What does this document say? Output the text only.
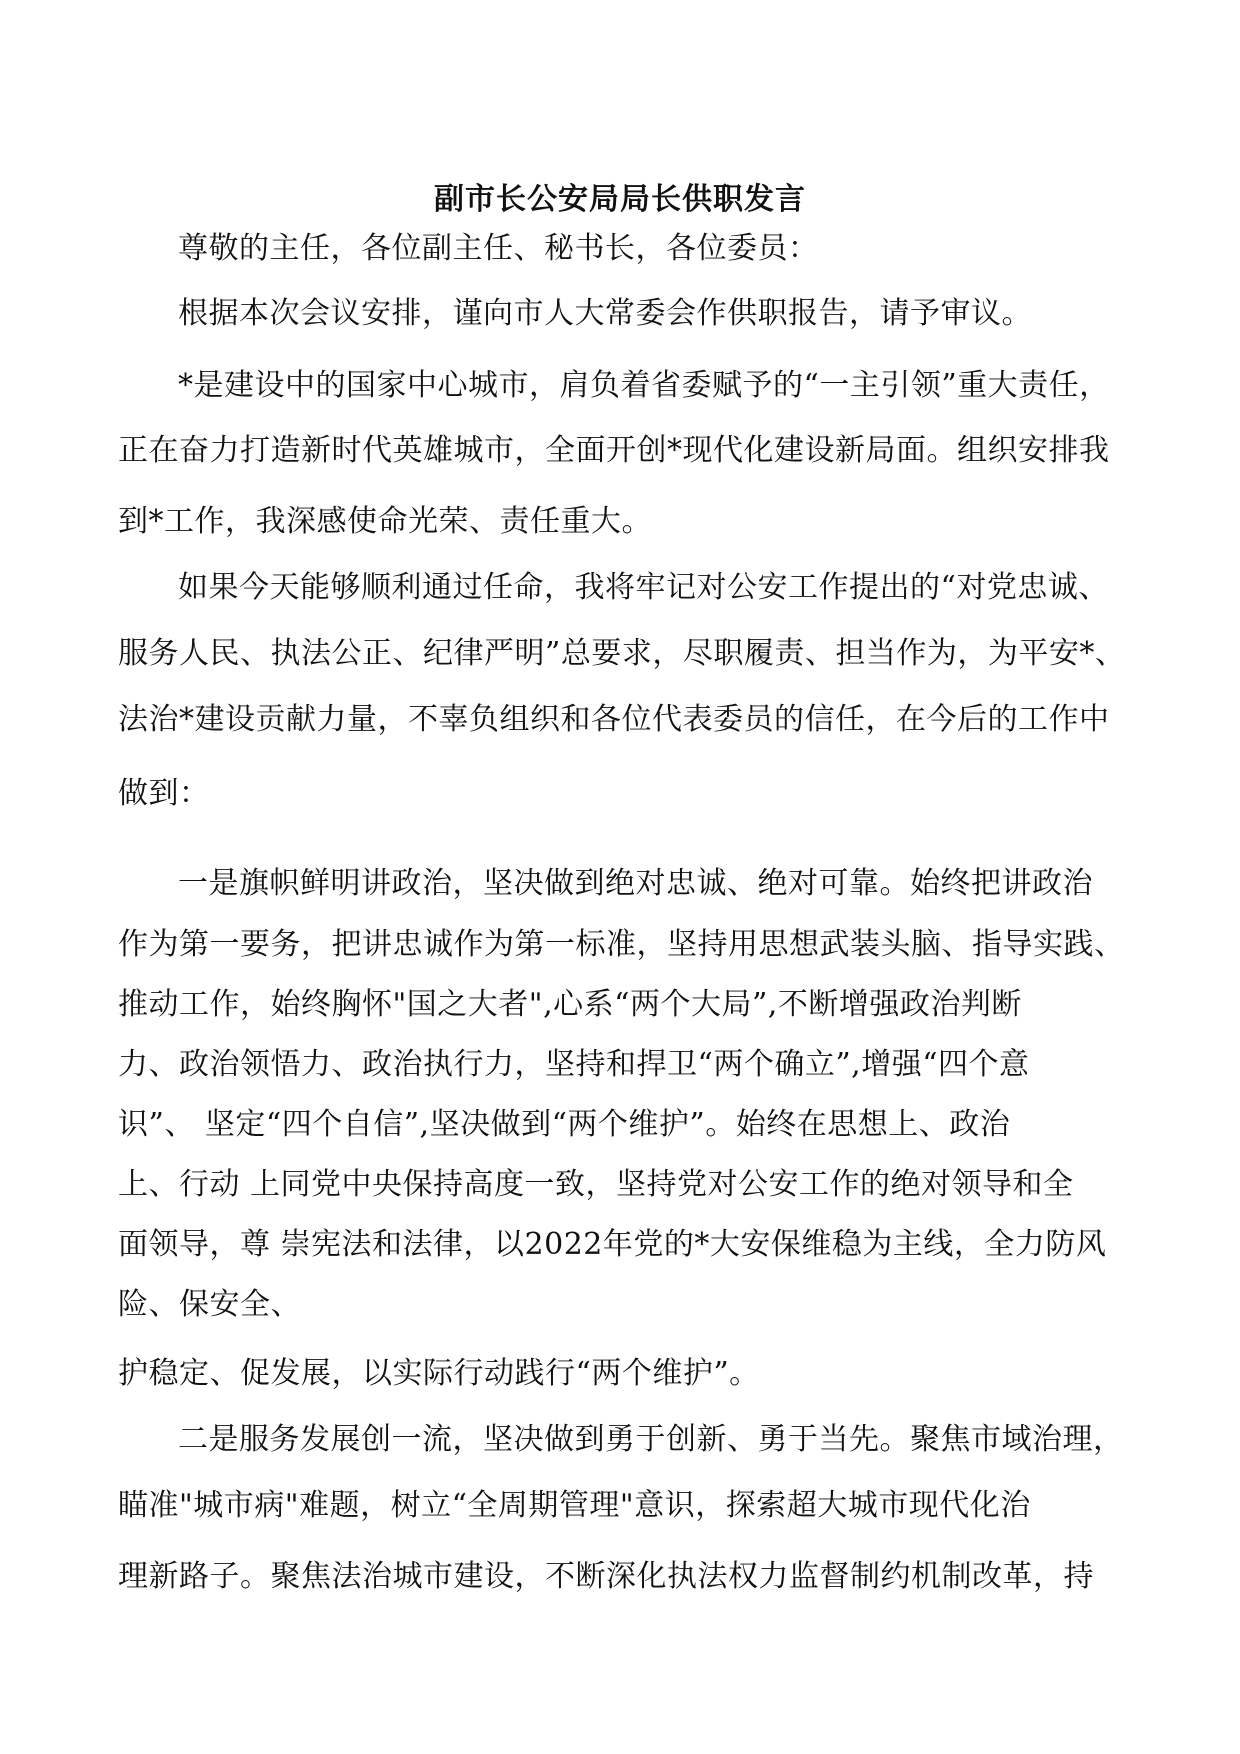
副市长公安局局长供职发言

尊敬的主任，各位副主任、秘书长，各位委员：

根据本次会议安排，谨向市人大常委会作供职报告，请予审议。

*是建设中的国家中心城市，肩负着省委赋予的“一主引领”重大责任，

正在奋力打造新时代英雄城市，全面开创*现代化建设新局面。组织安排我

到*工作，我深感使命光荣、责任重大。

如果今天能够顺利通过任命，我将牢记对公安工作提出的“对党忠诚、

服务人民、执法公正、纪律严明”总要求，尽职履责、担当作为，为平安*、

法治*建设贡献力量，不辜负组织和各位代表委员的信任，在今后的工作中

做到：

一是旗帜鲜明讲政治，坚决做到绝对忠诚、绝对可靠。始终把讲政治

作为第一要务，把讲忠诚作为第一标准，坚持用思想武装头脑、指导实践、

推动工作，始终胸怀"国之大者",心系“两个大局”,不断增强政治判断

力、政治领悟力、政治执行力，坚持和捍卫“两个确立”,增强“四个意

识”、 坚定“四个自信”,坚决做到“两个维护”。始终在思想上、政治

上、行动 上同党中央保持高度一致，坚持党对公安工作的绝对领导和全

面领导，尊 崇宪法和法律，以2022年党的*大安保维稳为主线，全力防风

险、保安全、

护稳定、促发展，以实际行动践行“两个维护”。

二是服务发展创一流，坚决做到勇于创新、勇于当先。聚焦市域治理，

瞄准"城市病"难题，树立“全周期管理"意识，探索超大城市现代化治

理新路子。聚焦法治城市建设，不断深化执法权力监督制约机制改革，持
